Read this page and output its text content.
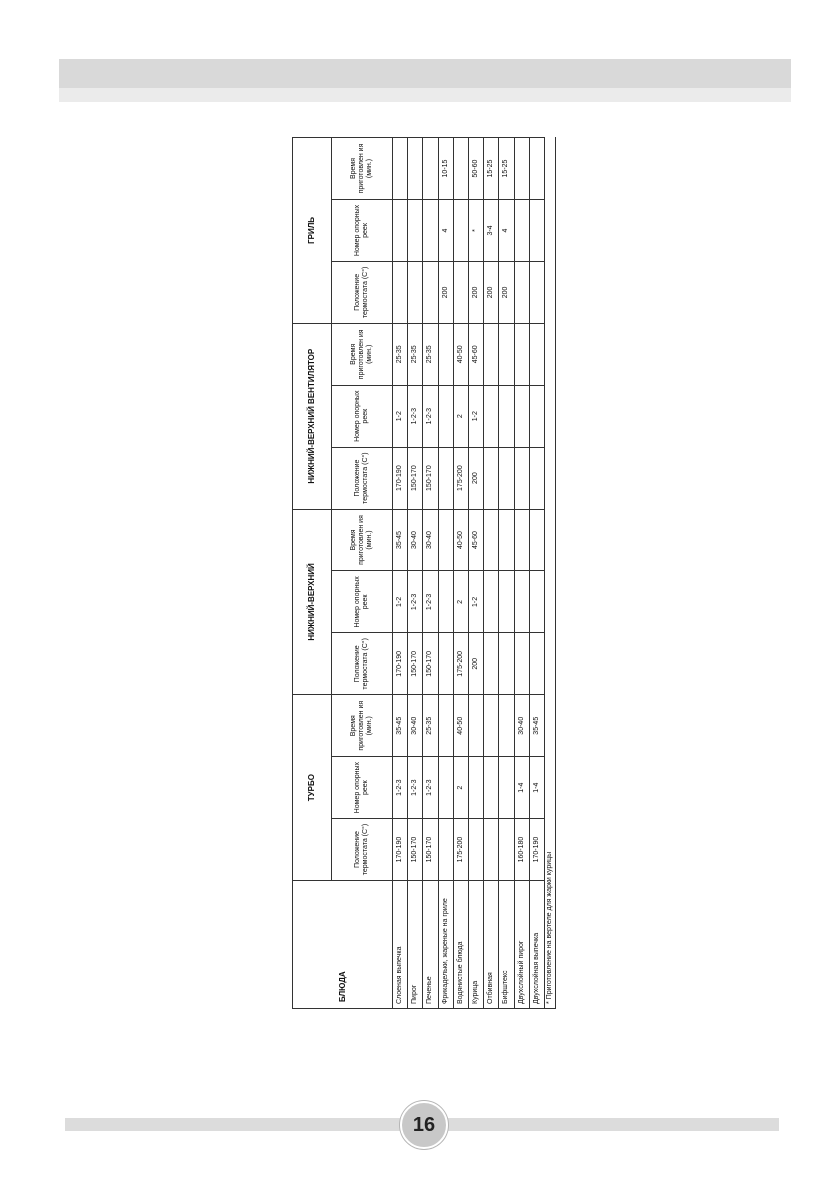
БЛЮДА	ТУРБО			НИЖНИЙ-ВЕРХНИЙ			НИЖНИЙ-ВЕРХНИЙ ВЕНТИЛЯТОР			ГРИЛЬ		
	Положение термостата (С°)	Номер опорных реек	Время приготовлен ия (мин.)	Положение термостата (С°)	Номер опорных реек	Время приготовлен ия (мин.)	Положение термостата (С°)	Номер опорных реек	Время приготовлен ия (мин.)	Положение термостата (С°)	Номер опорных реек	Время приготовлен ия (мин.)
Слоеная выпечка	170-190	1-2-3	35-45	170-190	1-2	35-45	170-190	1-2	25-35			
Пирог	150-170	1-2-3	30-40	150-170	1-2-3	30-40	150-170	1-2-3	25-35			
Печенье	150-170	1-2-3	25-35	150-170	1-2-3	30-40	150-170	1-2-3	25-35			
Фрикадельки, жареные на гриле										200	4	10-15
Водянистые блюда	175-200	2	40-50	175-200	2	40-50	175-200	2	40-50			
Курица				200	1-2	45-60	200	1-2	45-60	200	*	50-60
Отбивная										200	3-4	15-25
Бифштекс										200	4	15-25
Двухслойный пирог	160-180	1-4	30-40									
Двухслойная выпечка	170-190	1-4	35-45									
* Приготовление на вертеле для жарки курицы												
16
